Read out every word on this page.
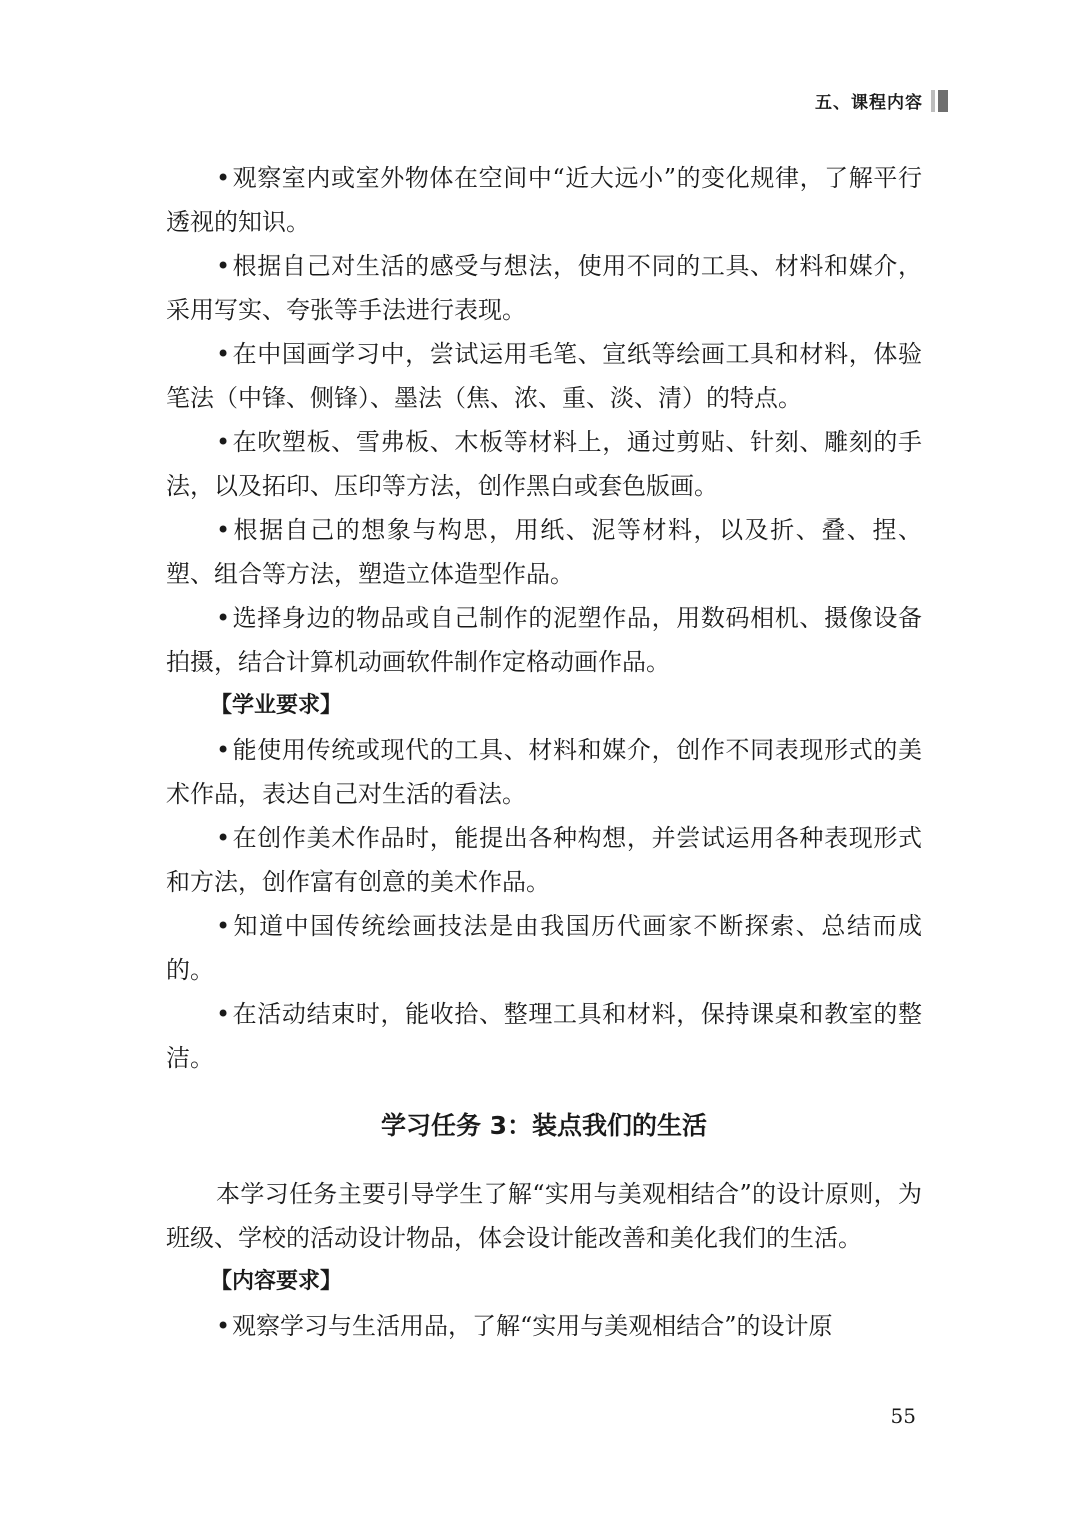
五、课程内容

•观察室内或室外物体在空间中“近大远小”的变化规律，了解平行透视的知识。

•根据自己对生活的感受与想法，使用不同的工具、材料和媒介，采用写实、夸张等手法进行表现。

•在中国画学习中，尝试运用毛笔、宣纸等绘画工具和材料，体验笔法（中锋、侧锋）、墨法（焦、浓、重、淡、清）的特点。

•在吹塑板、雪弗板、木板等材料上，通过剪贴、针刻、雕刻的手法，以及拓印、压印等方法，创作黑白或套色版画。

•根据自己的想象与构思，用纸、泥等材料，以及折、叠、捏、塑、组合等方法，塑造立体造型作品。

•选择身边的物品或自己制作的泥塑作品，用数码相机、摄像设备拍摄，结合计算机动画软件制作定格动画作品。

【学业要求】

•能使用传统或现代的工具、材料和媒介，创作不同表现形式的美术作品，表达自己对生活的看法。

•在创作美术作品时，能提出各种构想，并尝试运用各种表现形式和方法，创作富有创意的美术作品。

•知道中国传统绘画技法是由我国历代画家不断探索、总结而成的。

•在活动结束时，能收拾、整理工具和材料，保持课桌和教室的整洁。

学习任务 3：装点我们的生活

本学习任务主要引导学生了解“实用与美观相结合”的设计原则，为班级、学校的活动设计物品，体会设计能改善和美化我们的生活。

【内容要求】

•观察学习与生活用品，了解“实用与美观相结合”的设计原

55
